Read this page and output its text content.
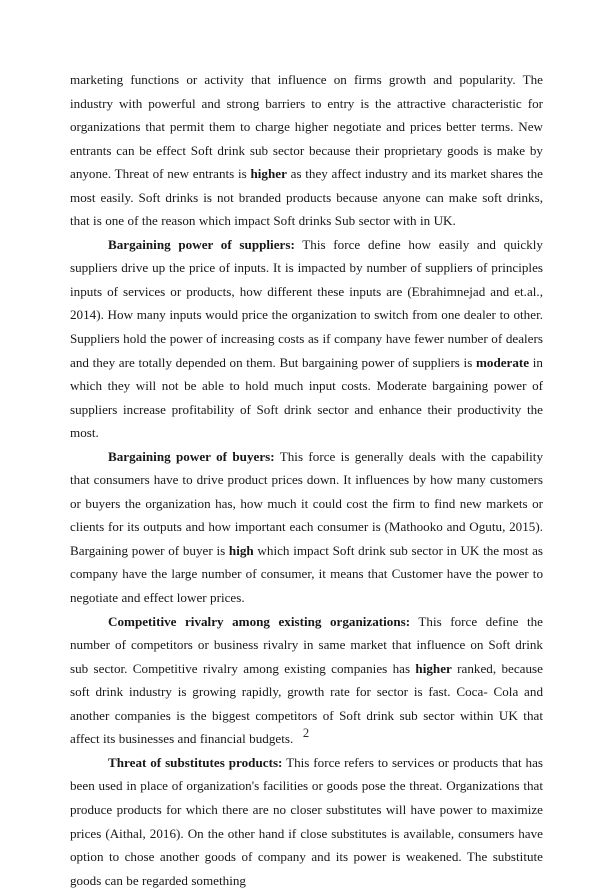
marketing functions or activity that influence on firms growth and popularity. The industry with powerful and strong barriers to entry is the attractive characteristic for organizations that permit them to charge higher negotiate and prices better terms. New entrants can be effect Soft drink sub sector because their proprietary goods is make by anyone. Threat of new entrants is higher as they affect industry and its market shares the most easily. Soft drinks is not branded products because anyone can make soft drinks, that is one of the reason which impact Soft drinks Sub sector with in UK.

Bargaining power of suppliers: This force define how easily and quickly suppliers drive up the price of inputs. It is impacted by number of suppliers of principles inputs of services or products, how different these inputs are (Ebrahimnejad and et.al., 2014). How many inputs would price the organization to switch from one dealer to other. Suppliers hold the power of increasing costs as if company have fewer number of dealers and they are totally depended on them. But bargaining power of suppliers is moderate in which they will not be able to hold much input costs. Moderate bargaining power of suppliers increase profitability of Soft drink sector and enhance their productivity the most.

Bargaining power of buyers: This force is generally deals with the capability that consumers have to drive product prices down. It influences by how many customers or buyers the organization has, how much it could cost the firm to find new markets or clients for its outputs and how important each consumer is (Mathooko and Ogutu, 2015). Bargaining power of buyer is high which impact Soft drink sub sector in UK the most as company have the large number of consumer, it means that Customer have the power to negotiate and effect lower prices.

Competitive rivalry among existing organizations: This force define the number of competitors or business rivalry in same market that influence on Soft drink sub sector. Competitive rivalry among existing companies has higher ranked, because soft drink industry is growing rapidly, growth rate for sector is fast. Coca- Cola and another companies is the biggest competitors of Soft drink sub sector within UK that affect its businesses and financial budgets.

Threat of substitutes products: This force refers to services or products that has been used in place of organization's facilities or goods pose the threat. Organizations that produce products for which there are no closer substitutes will have power to maximize prices (Aithal, 2016). On the other hand if close substitutes is available, consumers have option to chose another goods of company and its power is weakened. The substitute goods can be regarded something

2
